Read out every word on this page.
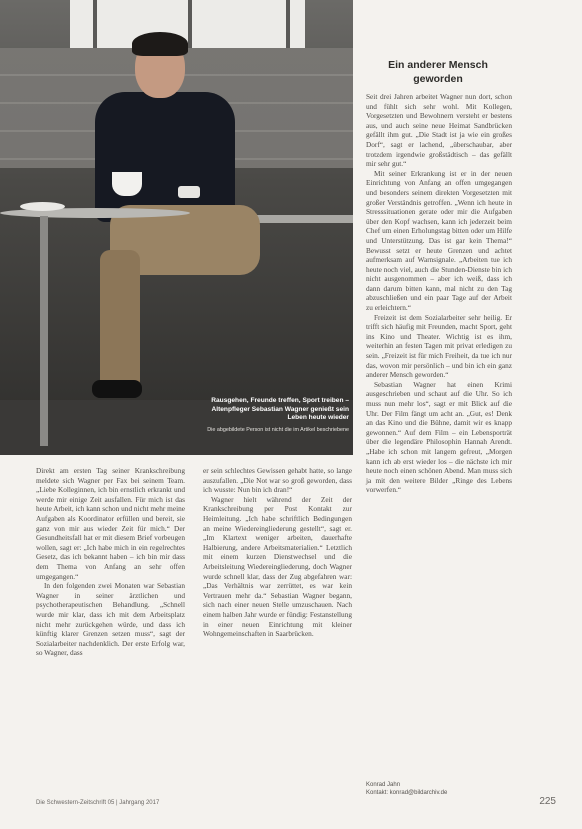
Rausgehen, Freunde treffen, Sport treiben – Altenpfleger Sebastian Wagner genießt sein Leben heute wieder
Die abgebildete Person ist nicht die im Artikel beschriebene
Ein anderer Mensch geworden

Seit drei Jahren arbeitet Wagner nun dort, schon und fühlt sich sehr wohl. Mit Kollegen, Vorgesetzten und Bewohnern versteht er bestens aus, und auch seine neue Heimat Sandbrücken gefällt ihm gut. „Die Stadt ist ja wie ein großes Dorf“, sagt er lachend, „überschaubar, aber trotzdem irgendwie großstädtisch – das gefällt mir sehr gut.“

Mit seiner Erkrankung ist er in der neuen Einrichtung von Anfang an offen umgegangen und besonders seinem direkten Vorgesetzten mit großer Verständnis getroffen. „Wenn ich heute in Stresssituationen gerate oder mir die Aufgaben über den Kopf wachsen, kann ich jederzeit beim Chef um einen Erholungstag bitten oder um Hilfe und Unterstützung. Das ist gar kein Thema!“ Bewusst setzt er heute Grenzen und achtet aufmerksam auf Warnsignale. „Arbeiten tue ich heute noch viel, auch die Stunden-Dienste bin ich nicht ausgenommen – aber ich weiß, dass ich dann darum bitten kann, mal nicht zu den Tag abzuschließen und ein paar Tage auf der Arbeit zu erleichtern.“

Freizeit ist dem Sozialarbeiter sehr heilig. Er trifft sich häufig mit Freunden, macht Sport, geht ins Kino und Theater. Wichtig ist es ihm, weiterhin an festen Tagen mit privat erledigen zu sein. „Freizeit ist für mich Freiheit, da tue ich nur das, wovon mir persönlich – und bin ich ein ganz anderer Mensch geworden.“

Sebastian Wagner hat einen Krimi ausgeschrieben und schaut auf die Uhr. So ich muss nun mehr los“, sagt er mit Blick auf die Uhr. Der Film fängt um acht an. „Gut, es! Denk an das Kino und die Bühne, damit wir es knapp gewonnen.“ Auf dem Film – ein Lebensporträt über die legendäre Philosophin Hannah Arendt. „Habe ich schon mit langem gefreut, „Morgen kann ich ab erst wieder los – die nächste ich mir heute noch einen schönen Abend. Man muss sich ja mit den weitere Bilder „Ringe des Lebens vorwerfen.“

Direkt am ersten Tag seiner Krankschreibung meldete sich Wagner per Fax bei seinem Team. „Liebe Kolleginnen, ich bin ernstlich erkrankt und werde mir einige Zeit ausfallen. Für mich ist das heute Arbeit, ich kann schon und nicht mehr meine Aufgaben als Koordinator erfüllen und bereit, sie ganz von mir aus wieder Zeit für mich.“ Der Gesundheitsfall hat er mit diesem Brief vorbeugen wollen, sagt er: „Ich habe mich in ein regelrechtes Gesetz, das ich bekannt haben – ich bin mir dass dem Thema von Anfang an sehr offen umgegangen.“

In den folgenden zwei Monaten war Sebastian Wagner in seiner ärztlichen und psychotherapeutischen Behandlung. „Schnell wurde mir klar, dass ich mit dem Arbeitsplatz nicht mehr zurückgehen würde, und dass ich künftig klarer Grenzen setzen muss“, sagt der Sozialarbeiter nachdenklich. Der erste Erfolg war, so Wagner, dass

er sein schlechtes Gewissen gehabt hatte, so lange auszufallen. „Die Not war so groß geworden, dass ich wusste: Nun bin ich dran!“

Wagner hielt während der Zeit der Krankschreibung per Post Kontakt zur Heimleitung. „Ich habe schriftlich Bedingungen an meine Wiedereingliederung gestellt“, sagt er. „Im Klartext weniger arbeiten, dauerhafte Halbierung, andere Arbeitsmaterialien.“ Letztlich mit einem kurzen Dienstwechsel und die Arbeitsleitung Wiedereingliederung, doch Wagner wurde schnell klar, dass der Zug abgefahren war: „Das Verhältnis war zerrüttet, es war kein Vertrauen mehr da.“ Sebastian Wagner begann, sich nach einer neuen Stelle umzuschauen. Nach einem halben Jahr wurde er fündig: Festanstellung in einer neuen Einrichtung mit kleiner Wohngemeinschaften in Saarbrücken.

Konrad Jahn
Kontakt: konrad@bildarchiv.de
Die Schwestern-Zeitschrift 05 | Jahrgang 2017	225
